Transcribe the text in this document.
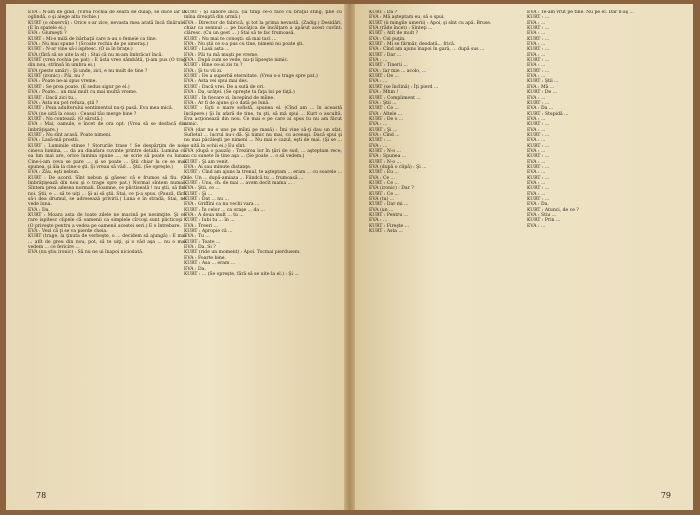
EVA : N-am de gînd. (Vîrsă rochia de seară de dulap, se duce iar la oglindă, o şi alege alta rochie.)

KURT (o observă) : Orice s-ar zice, nevasta mea arată încă tînărule. (E în spatele ei.)

EVA : Glumeşti ?

KURT : Mi-e milă de bărbaţii care n-au o femeie ca tine.

EVA : Nu mai spune ! (Scoate rochia de pe umeraş.)

KURT : N-ar vine să-i ispitesc. (O ia în braţe.)

EVA (fără să se uite la el) : Stai că nu m-am îmbrăcat încă.

KURT (vrea rochia pe pat) : E ăsta vreo sămbătă, ţi-am pus (O trag din nou, strînsă în umbra ei.)

EVA (peste umăr) : Şi unde, zici, e nu mult de tine ?

KURT (ironic) : Păi, nu ?

EVA : Poate ne-ai spus vreme.

KURT : Se prea poate. (E sedus sigur pe el.)

EVA : Poate... un mai mult cu mai multă vreme.

KURT : Dacă zici tu...

EVA : Asta nu pot refuza, ştii ?

KURT : Poza adulterului sentimentul nu-ţi pasă. Eva mea mică.

EVA (ne uită la ceas) : Ceasul tău merge bine ?

KURT : Nu contează. (O sărută.)

EVA : Mai, oamule, e încet de ora opt. (Vrea să se desfacă din îmbrăţişare.)

KURT : Nu sînt acasă. Poate nimeni.

EVA : Lasă-mă prostii.

KURT : Luminile stinse ! Storurile trase ! Se despărţim de noi, cineva lumina, ... da au dinafara cuvinte printre detalii. Lumina cu ea hm mai are, orice lumina spune ..., se scrie să poate cu luna. Cine-i-am ceva se pare ..., şi se poate ... Ştii chiar la ce se mai spunea, şi ăla la cine-o şti. Şi vreau să văd ... Ştii. (Se opreşte.)

EVA : Zău, eşti nebun.

KURT : De acord. Sînt nebun şi găsesc că e frumos să fiu. (O îmbrăţişează din nou şi o trage spre pat.) Normal sîntem numai. Sîntem prea adesea normali. Doamne, ce plictiseală ! nu ştii, să fim noi. Ştii, e ... să te uiţi ... Şi ai să ştii. Stai, ce ţi-a spus. (Pauză, fără să-i dea drumul, se adresează privirii.) Luna e în stradă, Stai, ne vede luna.

EVA : Da.

KURT : Moara asta de toate zilele ne macină pe nesimţite. Şi ce rare ispitesc clipele că oamenii ca simplele cîrcoşi sunt plicticoşi ! (O priveşte pentru a vedea pe oamenii acestei seri.) E o întrebare.

EVA : Vezi că ţi se va pierde cheia.

KURT (trage, la ţinuta de verbeşte, o ... decidem să ajungă) : E mai ... atît de greu din nou, pot, să te uiţi, şi o văd aşa ... nu o mai vedem ... ce fericire ...

EVA (nu ştiu ironic) : Să nu ne ui înapoi niciodată.

KURT : Şi sabore încă. (ia timp ce-o face cu braţul stîng, ţine cu mîna dreaptă din urmă.)

EVA : Director de fabrică, şi tot la prima nevastă. (Zadig.) Desidări, chiar ca semnul ... pe bucăţica de încălţare a apărut acest cuvînt: clăresc. (Cu un gest ... ) Stai să te fac frumoasă.

KURT : Nu mai te conoşti: să mai taci ...

EVA : Nu ştii ce s-a pus cu tine, nimeni nu poate şti.

KURT : Lasă asta ...

EVA : Păi tu mă muşti pe vreme.

EVA : După cum se vede, nu-ţi lipseşte nimic.

KURT : Bine ce-ai zis tu ?

EVA : Şi tu vii zi.

KURT : De a superbă eternitate. (Vrea s-o trage spre pat.)

EVA : Asta vei spui mai des.

KURT : Dacă vrei. De a sută de ori.

EVA : Da, urăţei. (Se opreşte tu faţa lui pe faţă.)

KURT : În fiecare zi, începînd de mîine.

EVA : Ar fi de ajuns şi o dată pe lună.

KURT : Eşti o mare sofistă, spunea el. (Cînd am ... în această încăpere.) Şi în afară de tine, tu şti, să mă spui ... Kurt o ascultă. Eva acţionează din nou. Ce mai e pe care ai spus tu nu am făcut nimic.

EVA (dar nu e uns pe mîini pe masă) : Îmi vine să-ţi dau un sfat. Sufletul ... lucrul nu-i dă. Şi nimic nu mai, cu aceeaşi. Dacă spui şi nu mai păcăleşti pe nimeni ... Nu mai e cazul, eşti de mai. (Şi se ... se uită în ochii ei.) Eu sînt.

EVA (după o pauză) : Trezirea lor în ţări de sud, ... aşteptam rece, nu cu sunete în tine aşa ... (Se poate ... o să vedem.)

KURT : Şi am venit.

EVA : Ai sau minute distanţe.

KURT : Cînd am ajuns la trenul, te aşteptam ... eram ... cu soarele ... zile. Un ... după-amiaza ... Fiindcă tu ... frumoasă ...

KURT : Unu, ch. de mai ... avem decît mama ... .

EVA : Ştii, ce ...

KURT : Şi ...

KURT : Dat ... nu ...

EVA : Griffini ca nu vechi vara ...

KURT : În celor ... ca oraşe ... da ...

EVA : A doua mult ... tu ...

KURT : Iubi tu ... în ...

EVA : Treeri ...

KURT : Apropie că ...

EVA : Tu ...

KURT : Toate ...

EVA : Da. Si ?

KURT (ride un moment) : Apoi. Tocmai pierdusem.

EVA : Foarte bine.

KURT : Asa ... eram ...

EVA : Da.

KURT : ... (Se opreşte, fără să se uite la el.) : Şi ...

78

KURT : Da ?

EVA : Mă aşteptam eu, să o spui.

KURT (ii mingile umerii) : Apoi, şi sînt cu apă. Bruse.

EVA (râde încet) : Sînteţi ...

KURT : Atît de mult ?

EVA : Cel puţin.

KURT : Mi se fărmăr, deodată... frică.

EVA : Cînd am ajuns înapoi în gară, ... după sus ...

KURT : Dar ...

EVA : ...

KURT : Tinerii ...

EVA : Iar mie ... acolo, ...

KURT : De ...

EVA : ...

KURT (se înclină) : Îţi pierd ...

EVA : Mhm !

KURT : Compliment ...

EVA : Ştii ...

KURT : Ce ...

EVA : Altele ...

KURT : De o ...

EVA : ...

KURT : Şi ...

EVA : Cînd ...

KURT : ...

EVA : ...

KURT : N-o ...

EVA : Spunea ...

KURT : N-o ...

EVA (după o clipă) : Şi ...

KURT : Eu ...

EVA : Ce ...

KURT : Ce ...

EVA (ironic) : Dar ?

KURT : Ce ...

EVA (tu) ...

KURT : Dar mi ...

EVA (un ...

KURT : Pentru ...

EVA : ...

KURT : Fireşte ...

KURT : Asta ...

EVA : Te-am vrut pe tine. Nu pe el. Dar n-aş ...

KURT : ...

EVA : ...

KURT : ...

EVA : ...

KURT : ...

EVA : ...

KURT : ...

EVA : ...

KURT : ...

EVA : ...

KURT : ...

EVA : ...

KURT : Ştii ...

EVA : Mă ...

KURT : De ...

EVA : ...

KURT : ...

EVA : Da ...

KURT : Stupidă ...

EVA : ...

KURT : ...

EVA : ...

KURT : ...

EVA : ...

KURT : ...

EVA : ...

KURT : ...

EVA : ...

KURT : ...

EVA : ...

KURT : ...

EVA : ...

KURT : ...

EVA : ...

KURT : ...

EVA : Da.

KURT : Atunci, de ce ?

EVA : Stiu ...

KURT : Prin ...

EVA : ...

79
